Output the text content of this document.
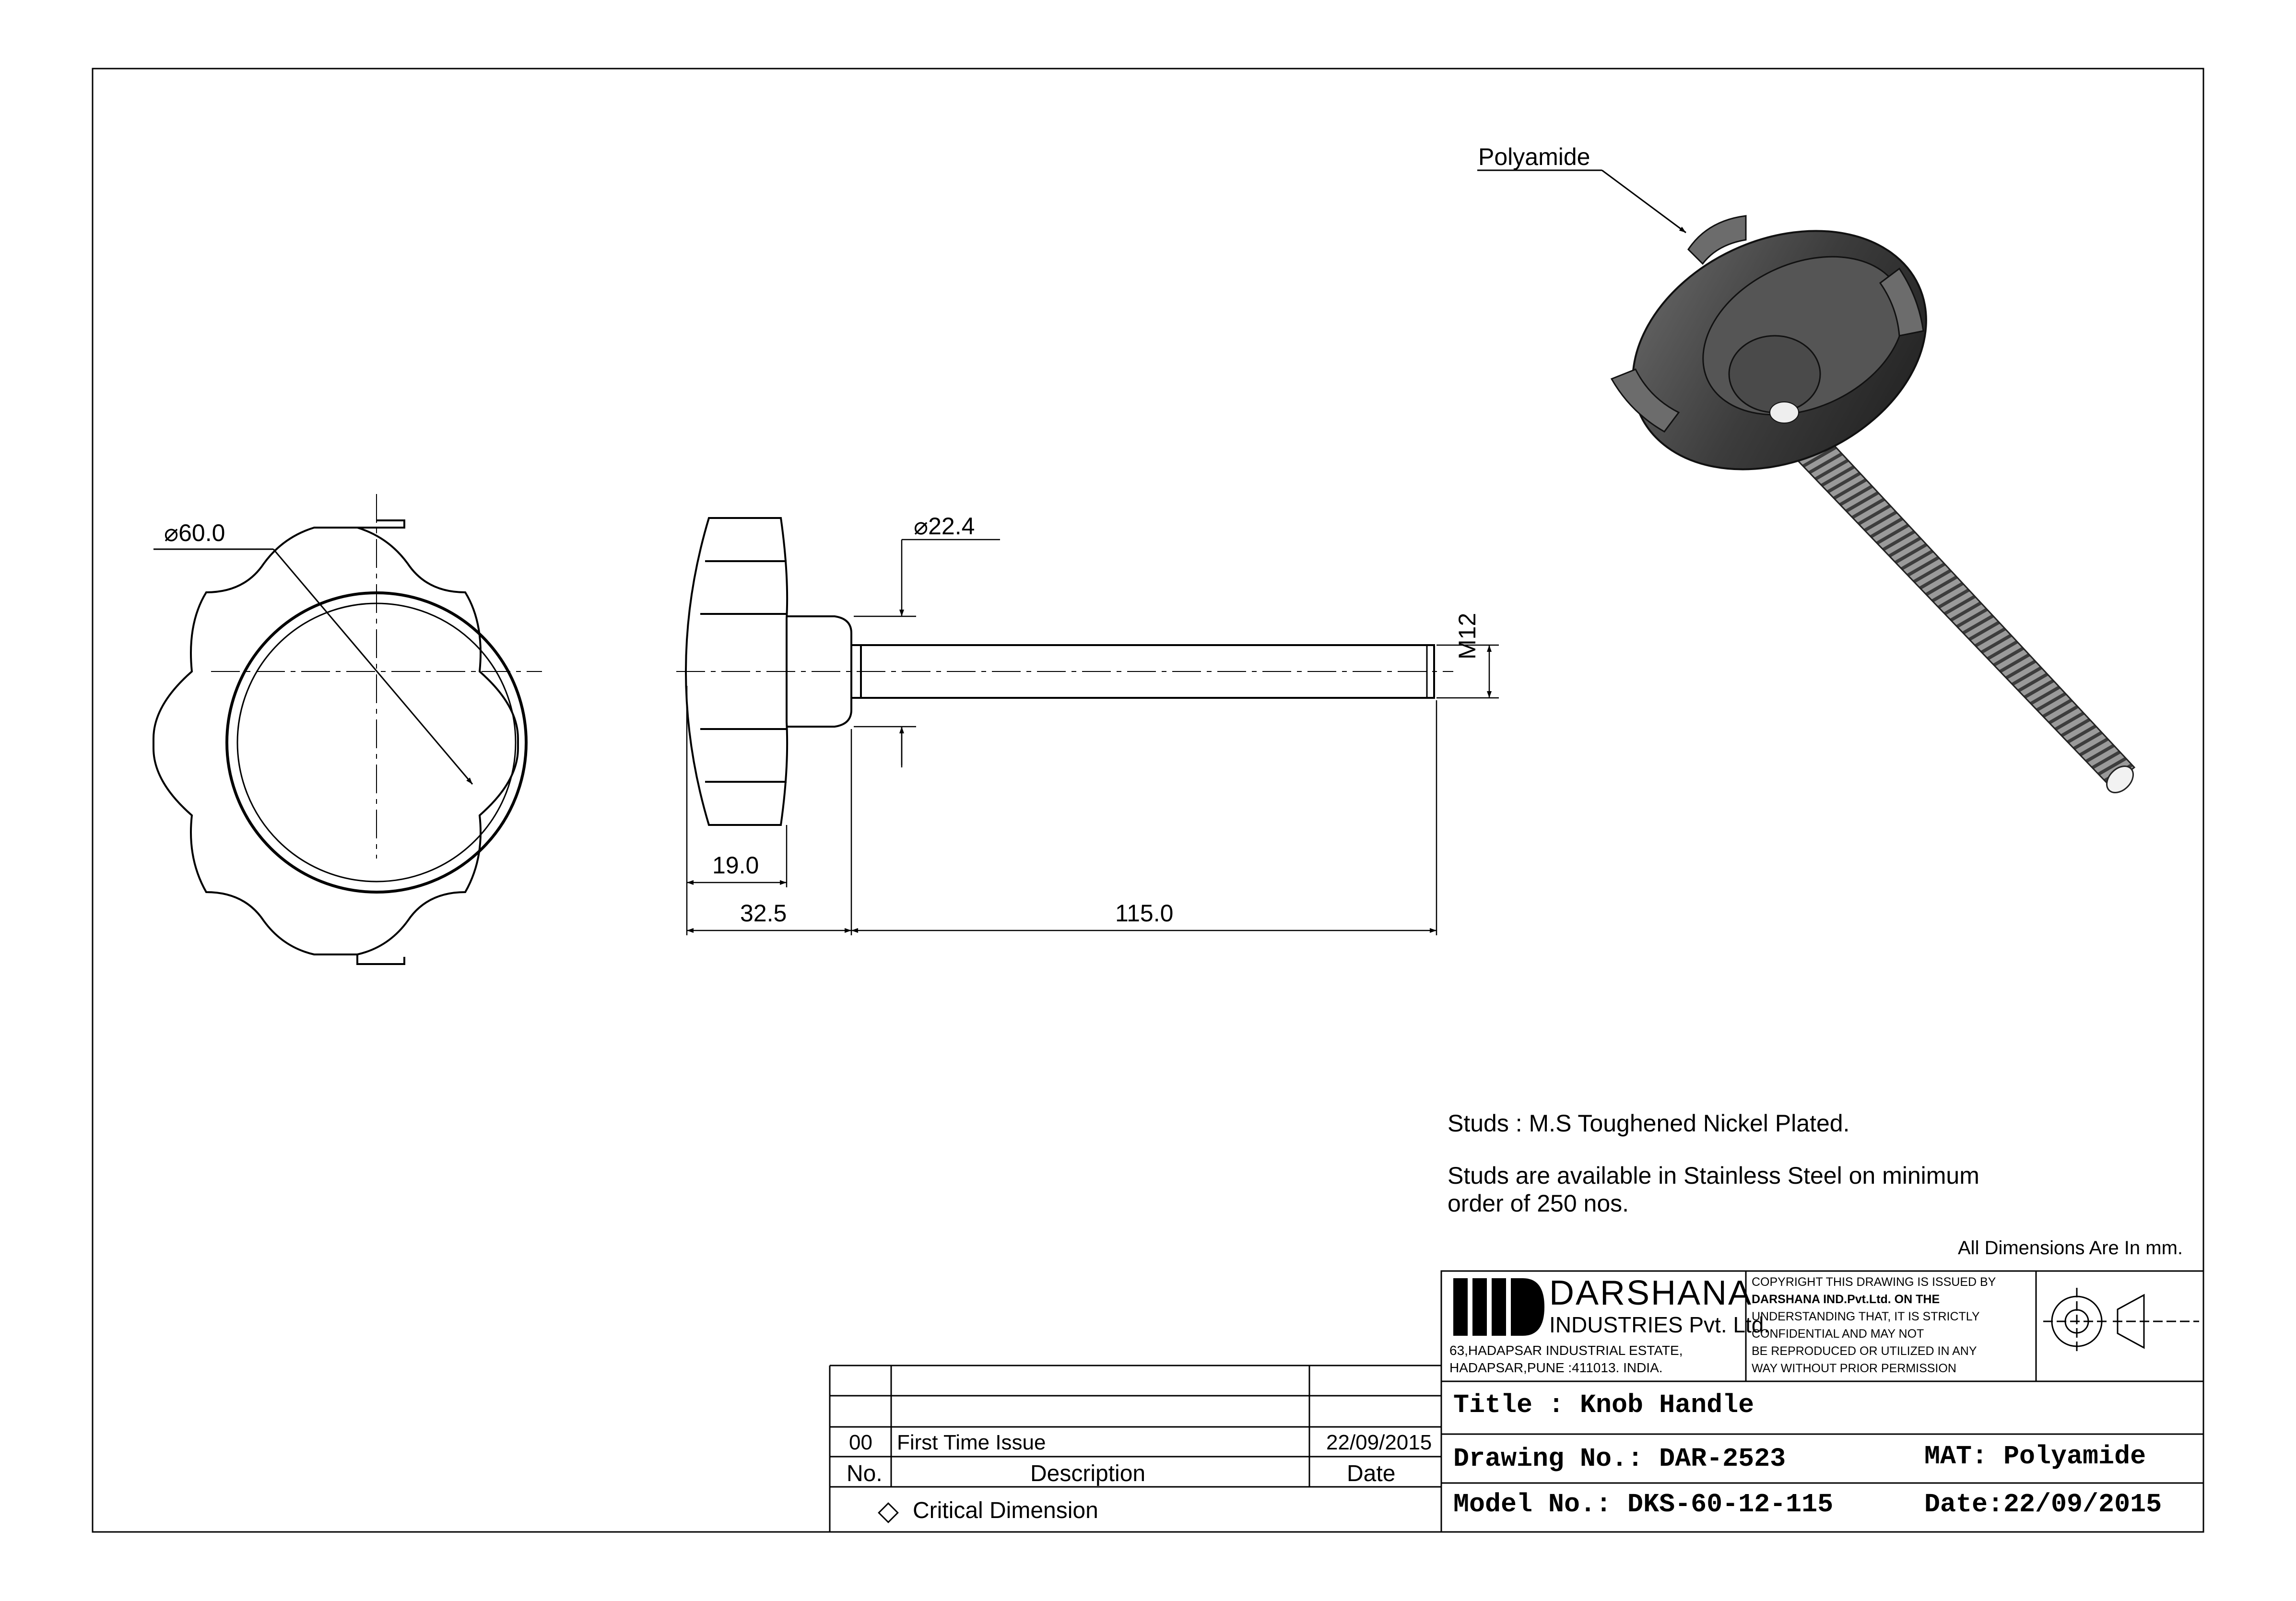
⌀60.0	⌀22.4
M12
19.0
32.5	115.0
Polyamide
Studs : M.S Toughened Nickel Plated.
Studs are available in Stainless Steel on minimum
order of 250 nos.
All Dimensions Are In mm.
DARSHANA
INDUSTRIES Pvt. Ltd.
63,HADAPSAR INDUSTRIAL ESTATE,
HADAPSAR,PUNE :411013. INDIA.
COPYRIGHT THIS DRAWING IS ISSUED BY
DARSHANA IND.Pvt.Ltd. ON THE
UNDERSTANDING THAT, IT IS STRICTLY
CONFIDENTIAL AND MAY NOT
BE REPRODUCED OR UTILIZED IN ANY
WAY WITHOUT PRIOR PERMISSION
Title : Knob Handle
Drawing No.: DAR-2523	MAT: Polyamide
Model No.: DKS-60-12-115	Date:22/09/2015
00 First Time Issue	22/09/2015
No.	Description	Date
Critical Dimension
